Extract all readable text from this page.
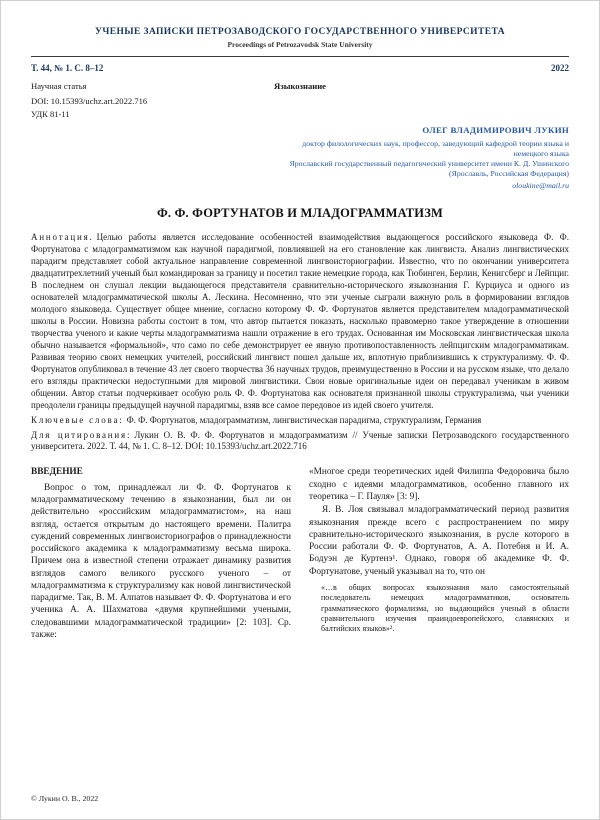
УЧЕНЫЕ ЗАПИСКИ ПЕТРОЗАВОДСКОГО ГОСУДАРСТВЕННОГО УНИВЕРСИТЕТА
Proceedings of Petrozavodsk State University
Т. 44, № 1. С. 8–12	2022
Научная статья	Языкознание
DOI: 10.15393/uchz.art.2022.716
УДК 81-11
ОЛЕГ ВЛАДИМИРОВИЧ ЛУКИН
доктор филологических наук, профессор, заведующий кафедрой теории языка и немецкого языка
Ярославский государственный педагогический университет имени К. Д. Ушинского (Ярославль, Российская Федерация)
oloukine@mail.ru
Ф. Ф. ФОРТУНАТОВ И МЛАДОГРАММАТИЗМ

Аннотация. Целью работы является исследование особенностей взаимодействия выдающегося российского языковеда Ф. Ф. Фортунатова с младограмматизмом как научной парадигмой, повлиявшей на его становление как лингвиста. Анализ лингвистических парадигм представляет собой актуальное направление современной лингвоисториографии. Известно, что по окончании университета двадцатитрехлетний ученый был командирован за границу и посетил такие немецкие города, как Тюбинген, Берлин, Кенигсберг и Лейпциг. В последнем он слушал лекции выдающегося представителя сравнительно-исторического языкознания Г. Курциуса и одного из основателей младограмматической школы А. Лескина. Несомненно, что эти ученые сыграли важную роль в формировании взглядов молодого языковеда. Существует общее мнение, согласно которому Ф. Ф. Фортунатов является представителем младограмматической школы в России. Новизна работы состоит в том, что автор пытается показать, насколько правомерно такое утверждение в отношении творчества ученого и какие черты младограмматизма нашли отражение в его трудах. Основанная им Московская лингвистическая школа обычно называется «формальной», что само по себе демонстрирует ее явную противопоставленность лейпцигским младограмматикам. Развивая теорию своих немецких учителей, российский лингвист пошел дальше их, вплотную приблизившись к структурализму. Ф. Ф. Фортунатов опубликовал в течение 43 лет своего творчества 36 научных трудов, преимущественно в России и на русском языке, что делало его взгляды практически недоступными для мировой лингвистики. Свои новые оригинальные идеи он передавал ученикам в живом общении. Автор статьи подчеркивает особую роль Ф. Ф. Фортунатова как основателя признанной школы структурализма, чьи ученики преодолели границы предыдущей научной парадигмы, взяв все самое передовое из идей своего учителя.

Ключевые слова: Ф. Ф. Фортунатов, младограмматизм, лингвистическая парадигма, структурализм, Германия

Для цитирования: Лукин О. В. Ф. Ф. Фортунатов и младограмматизм // Ученые записки Петрозаводского государственного университета. 2022. Т. 44, № 1. С. 8–12. DOI: 10.15393/uchz.art.2022.716

ВВЕДЕНИЕ

Вопрос о том, принадлежал ли Ф. Ф. Фортунатов к младограмматическому течению в языкознании, был ли он действительно «российским младограмматистом», на наш взгляд, остается открытым до настоящего времени. Палитра суждений современных лингвоисториографов о принадлежности российского академика к младограмматизму весьма широка. Причем она в известной степени отражает динамику развития взглядов самого великого русского ученого – от младограмматизма к структурализму как новой лингвистической парадигме. Так, В. М. Алпатов называет Ф. Ф. Фортунатова и его ученика А. А. Шахматова «двумя крупнейшими учеными, следовавшими младограмматической традиции» [2: 103]. Ср. также:

«Многое среди теоретических идей Филиппа Федоровича было сходно с идеями младограмматиков, особенно главного их теоретика – Г. Пауля» [3: 9].

Я. В. Лоя связывал младограмматический период развития языкознания прежде всего с распространением по миру сравнительно-исторического языкознания, в русле которого в России работали Ф. Ф. Фортунатов, А. А. Потебня и И. А. Бодуэн де Куртенэ¹. Однако, говоря об академике Ф. Ф. Фортунатове, ученый указывал на то, что он

«…в общих вопросах языкознания мало самостоятельный последователь немецких младограмматиков, основатель грамматического формализма, но выдающийся ученый в области сравнительного изучения праиндоевропейского, славянских и балтийских языков»².

© Лукин О. В., 2022
